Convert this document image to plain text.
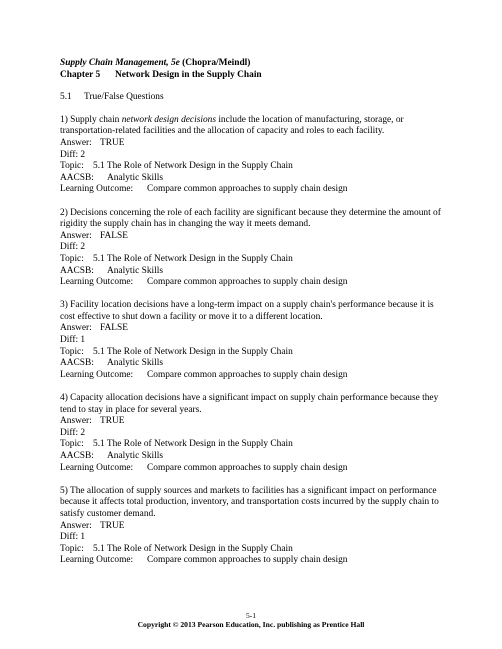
Supply Chain Management, 5e (Chopra/Meindl)
Chapter 5	Network Design in the Supply Chain
5.1	True/False Questions
1) Supply chain network design decisions include the location of manufacturing, storage, or transportation-related facilities and the allocation of capacity and roles to each facility.
Answer: TRUE
Diff:
2
Topic: 5.1 The Role of Network Design in the Supply Chain
AACSB:	Analytic Skills
Learning Outcome:	Compare common approaches to supply chain design
2) Decisions concerning the role of each facility are significant because they determine the amount of rigidity the supply chain has in changing the way it meets demand.
Answer: FALSE
Diff:
2
Topic: 5.1 The Role of Network Design in the Supply Chain
AACSB:	Analytic Skills
Learning Outcome:	Compare common approaches to supply chain design
3) Facility location decisions have a long-term impact on a supply chain's performance because it is cost effective to shut down a facility or move it to a different location.
Answer: FALSE
Diff:
1
Topic: 5.1 The Role of Network Design in the Supply Chain
AACSB:	Analytic Skills
Learning Outcome:	Compare common approaches to supply chain design
4) Capacity allocation decisions have a significant impact on supply chain performance because they tend to stay in place for several years.
Answer: TRUE
Diff:
2
Topic: 5.1 The Role of Network Design in the Supply Chain
AACSB:	Analytic Skills
Learning Outcome:	Compare common approaches to supply chain design
5) The allocation of supply sources and markets to facilities has a significant impact on performance because it affects total production, inventory, and transportation costs incurred by the supply chain to satisfy customer demand.
Answer: TRUE
Diff:
1
Topic: 5.1 The Role of Network Design in the Supply Chain
Learning Outcome:	Compare common approaches to supply chain design
5-1
Copyright © 2013 Pearson Education, Inc. publishing as Prentice Hall
